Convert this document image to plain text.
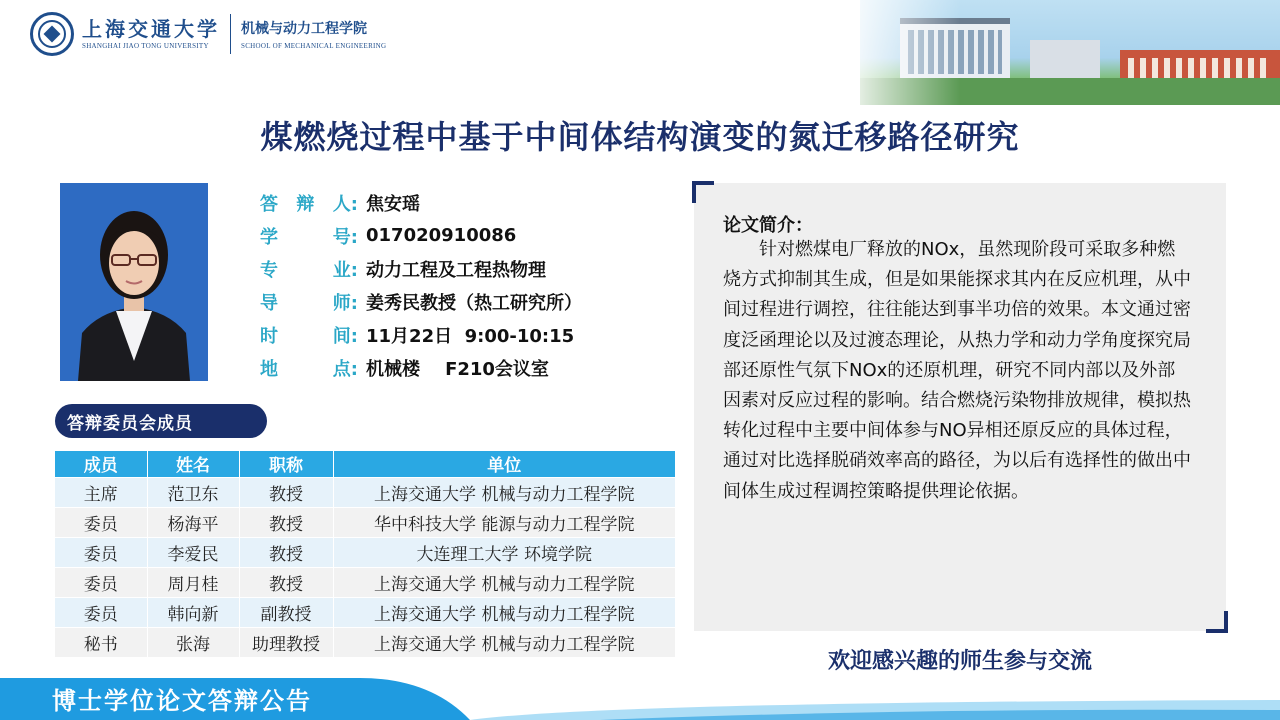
上海交通大学
SHANGHAI JIAO TONG UNIVERSITY
机械与动力工程学院
SCHOOL OF MECHANICAL ENGINEERING
煤燃烧过程中基于中间体结构演变的氮迁移路径研究
答 辩 人: 焦安瑶
学	号: 017020910086
专	业: 动力工程及工程热物理
导	师: 姜秀民教授（热工研究所）
时	间: 11月22日  9:00-10:15
地	点: 机械楼    F210会议室
答辩委员会成员
成员	姓名	职称	单位
主席	范卫东	教授	上海交通大学 机械与动力工程学院
委员	杨海平	教授	华中科技大学 能源与动力工程学院
委员	李爱民	教授	大连理工大学 环境学院
委员	周月桂	教授	上海交通大学 机械与动力工程学院
委员	韩向新	副教授	上海交通大学 机械与动力工程学院
秘书	张海	助理教授	上海交通大学 机械与动力工程学院
论文简介：
针对燃煤电厂释放的NOx，虽然现阶段可采取多种燃烧方式抑制其生成，但是如果能探求其内在反应机理，从中间过程进行调控，往往能达到事半功倍的效果。本文通过密度泛函理论以及过渡态理论，从热力学和动力学角度探究局部还原性气氛下NOx的还原机理，研究不同内部以及外部因素对反应过程的影响。结合燃烧污染物排放规律，模拟热转化过程中主要中间体参与NO异相还原反应的具体过程，通过对比选择脱硝效率高的路径，为以后有选择性的做出中间体生成过程调控策略提供理论依据。
欢迎感兴趣的师生参与交流
博士学位论文答辩公告
